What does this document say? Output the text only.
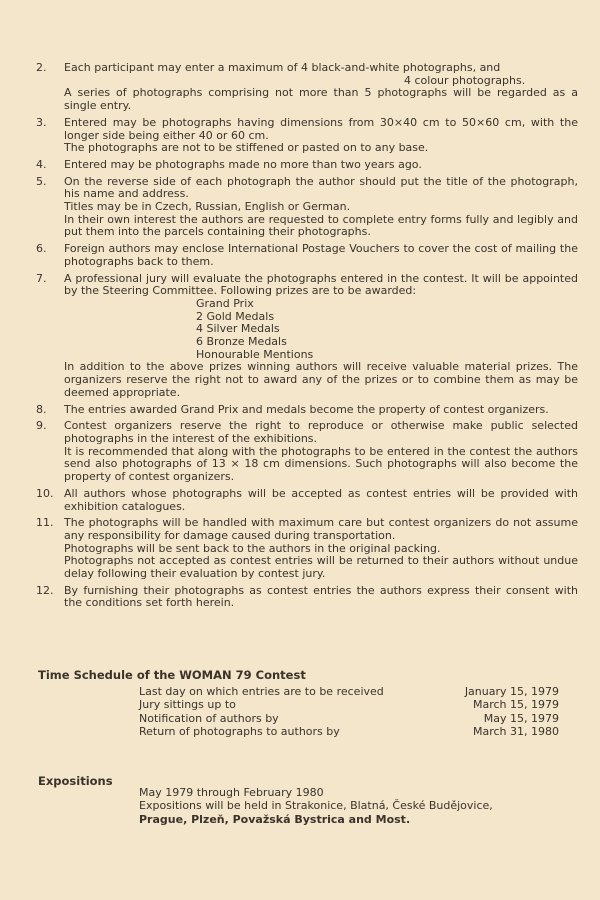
2.	Each participant may enter a maximum of 4 black-and-white photographs, and
4 colour photographs.
A series of photographs comprising not more than 5 photographs will be regarded as a single entry.
3.	Entered may be photographs having dimensions from 30×40 cm to 50×60 cm, with the longer side being either 40 or 60 cm.
The photographs are not to be stiffened or pasted on to any base.
4.	Entered may be photographs made no more than two years ago.
5.	On the reverse side of each photograph the author should put the title of the photograph, his name and address.
Titles may be in Czech, Russian, English or German.
In their own interest the authors are requested to complete entry forms fully and legibly and put them into the parcels containing their photographs.
6.	Foreign authors may enclose International Postage Vouchers to cover the cost of mailing the photographs back to them.
7.	A professional jury will evaluate the photographs entered in the contest. It will be appointed by the Steering Committee. Following prizes are to be awarded:
Grand Prix
2 Gold Medals
4 Silver Medals
6 Bronze Medals
Honourable Mentions
In addition to the above prizes winning authors will receive valuable material prizes. The organizers reserve the right not to award any of the prizes or to combine them as may be deemed appropriate.
8.	The entries awarded Grand Prix and medals become the property of contest organizers.
9.	Contest organizers reserve the right to reproduce or otherwise make public selected photographs in the interest of the exhibitions.
It is recommended that along with the photographs to be entered in the contest the authors send also photographs of 13 × 18 cm dimensions. Such photographs will also become the property of contest organizers.
10. All authors whose photographs will be accepted as contest entries will be provided with exhibition catalogues.
11. The photographs will be handled with maximum care but contest organizers do not assume any responsibility for damage caused during transportation.
Photographs will be sent back to the authors in the original packing.
Photographs not accepted as contest entries will be returned to their authors without undue delay following their evaluation by contest jury.
12. By furnishing their photographs as contest entries the authors express their consent with the conditions set forth herein.
Time Schedule of the WOMAN 79 Contest
Last day on which entries are to be received	January 15, 1979
Jury sittings up to	March 15, 1979
Notification of authors by	May 15, 1979
Return of photographs to authors by	March 31, 1980
Expositions
May 1979 through February 1980
Expositions will be held in Strakonice, Blatná, České Budějovice,
Prague, Plzeň, Považská Bystrica and Most.
